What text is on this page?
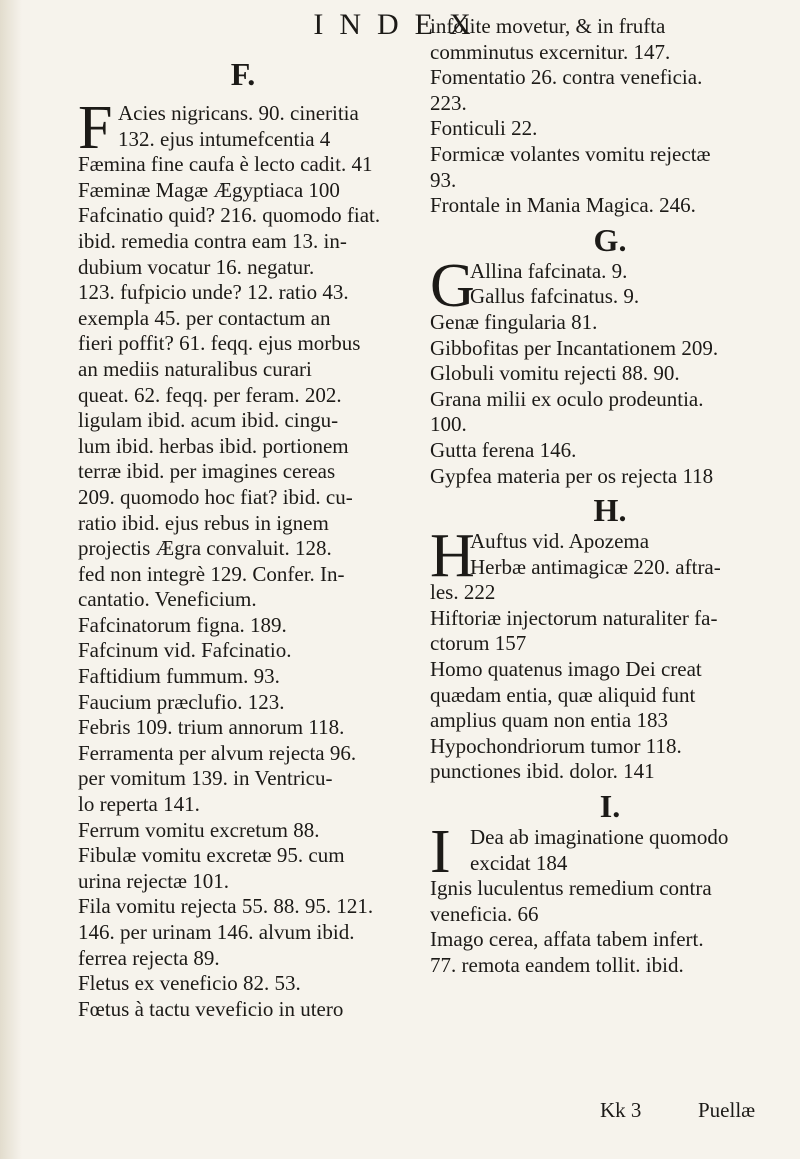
INDEX
F.
F Acies nigricans. 90. cineritia
132. ejus intumefcentia 4
Fæmina fine caufa è lecto cadit. 41
Fæminæ Magæ Ægyptiaca 100
Fafcinatio quid? 216. quomodo fiat.
ibid. remedia contra eam 13. in-
dubium vocatur 16. negatur.
123. fufpicio unde? 12. ratio 43.
exempla 45. per contactum an
fieri poffit? 61. feqq. ejus morbus
an mediis naturalibus curari
queat. 62. feqq. per feram. 202.
ligulam ibid. acum ibid. cingu-
lum ibid. herbas ibid. portionem
terræ ibid. per imagines cereas
209. quomodo hoc fiat? ibid. cu-
ratio ibid. ejus rebus in ignem
projectis Ægra convaluit. 128.
fed non integrè 129. Confer. In-
cantatio. Veneficium.
Fafcinatorum figna. 189.
Fafcinum vid. Fafcinatio.
Faftidium fummum. 93.
Faucium præclufio. 123.
Febris 109. trium annorum 118.
Ferramenta per alvum rejecta 96.
per vomitum 139. in Ventricu-
lo reperta 141.
Ferrum vomitu excretum 88.
Fibulæ vomitu excretæ 95. cum
urina rejectæ 101.
Fila vomitu rejecta 55. 88. 95. 121.
146. per urinam 146. alvum ibid.
ferrea rejecta 89.
Fletus ex veneficio 82. 53.
Fœtus à tactu veveficio in utero
infolite movetur, & in frufta
comminutus excernitur. 147.
Fomentatio 26. contra veneficia.
223.
Fonticuli 22.
Formicæ volantes vomitu rejectæ
93.
Frontale in Mania Magica. 246.
G.
G
Allina fafcinata. 9.
Gallus fafcinatus. 9.
Genæ fingularia 81.
Gibbofitas per Incantationem 209.
Globuli vomitu rejecti 88. 90.
Grana milii ex oculo prodeuntia.
100.
Gutta ferena 146.
Gypfea materia per os rejecta 118
H.
H
Auftus vid. Apozema
Herbæ antimagicæ 220. aftra-
les. 222
Hiftoriæ injectorum naturaliter fa-
ctorum 157
Homo quatenus imago Dei creat
quædam entia, quæ aliquid funt
amplius quam non entia 183
Hypochondriorum tumor 118.
punctiones ibid. dolor. 141
I.
I Dea ab imaginatione quomodo
excidat 184
Ignis luculentus remedium contra
veneficia. 66
Imago cerea, affata tabem infert.
77. remota eandem tollit. ibid.
Kk 3	Puellæ
